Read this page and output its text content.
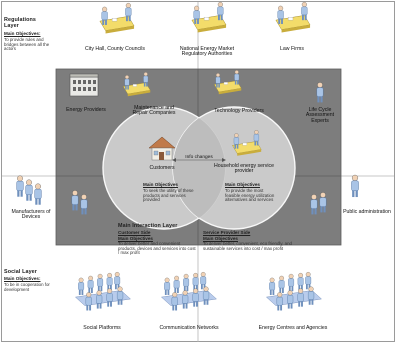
Regulations
Layer

Main Objectives:

To provide rules and bridges between all the actors	City Hall, County Councils	National Energy Market Regulatory Authorities

Law Firms

Energy Providers	Maintenance and Repair Companies	Technology Providers	Life Cycle Assessment Experts

Manufacturers of Devices

Public administration

Customers

Info changes

Household energy service provider

Main Objectives

To seek the utility of these products and services provided

Main Objectives

To provide the most feasible energy utilization alternatives and services

Main Interaction Layer

Customer Side

Main Objectives

To deliver better and convenient products, devices and services into cost / max profit

Service Provider Side

Main Objectives

To deliver better, convenient, eco friendly, and sustainable services into cost / max profit

Social Layer

Main Objectives:

To be in cooperation for development

Social Platforms	Communication Networks	Energy Centres and Agencies
